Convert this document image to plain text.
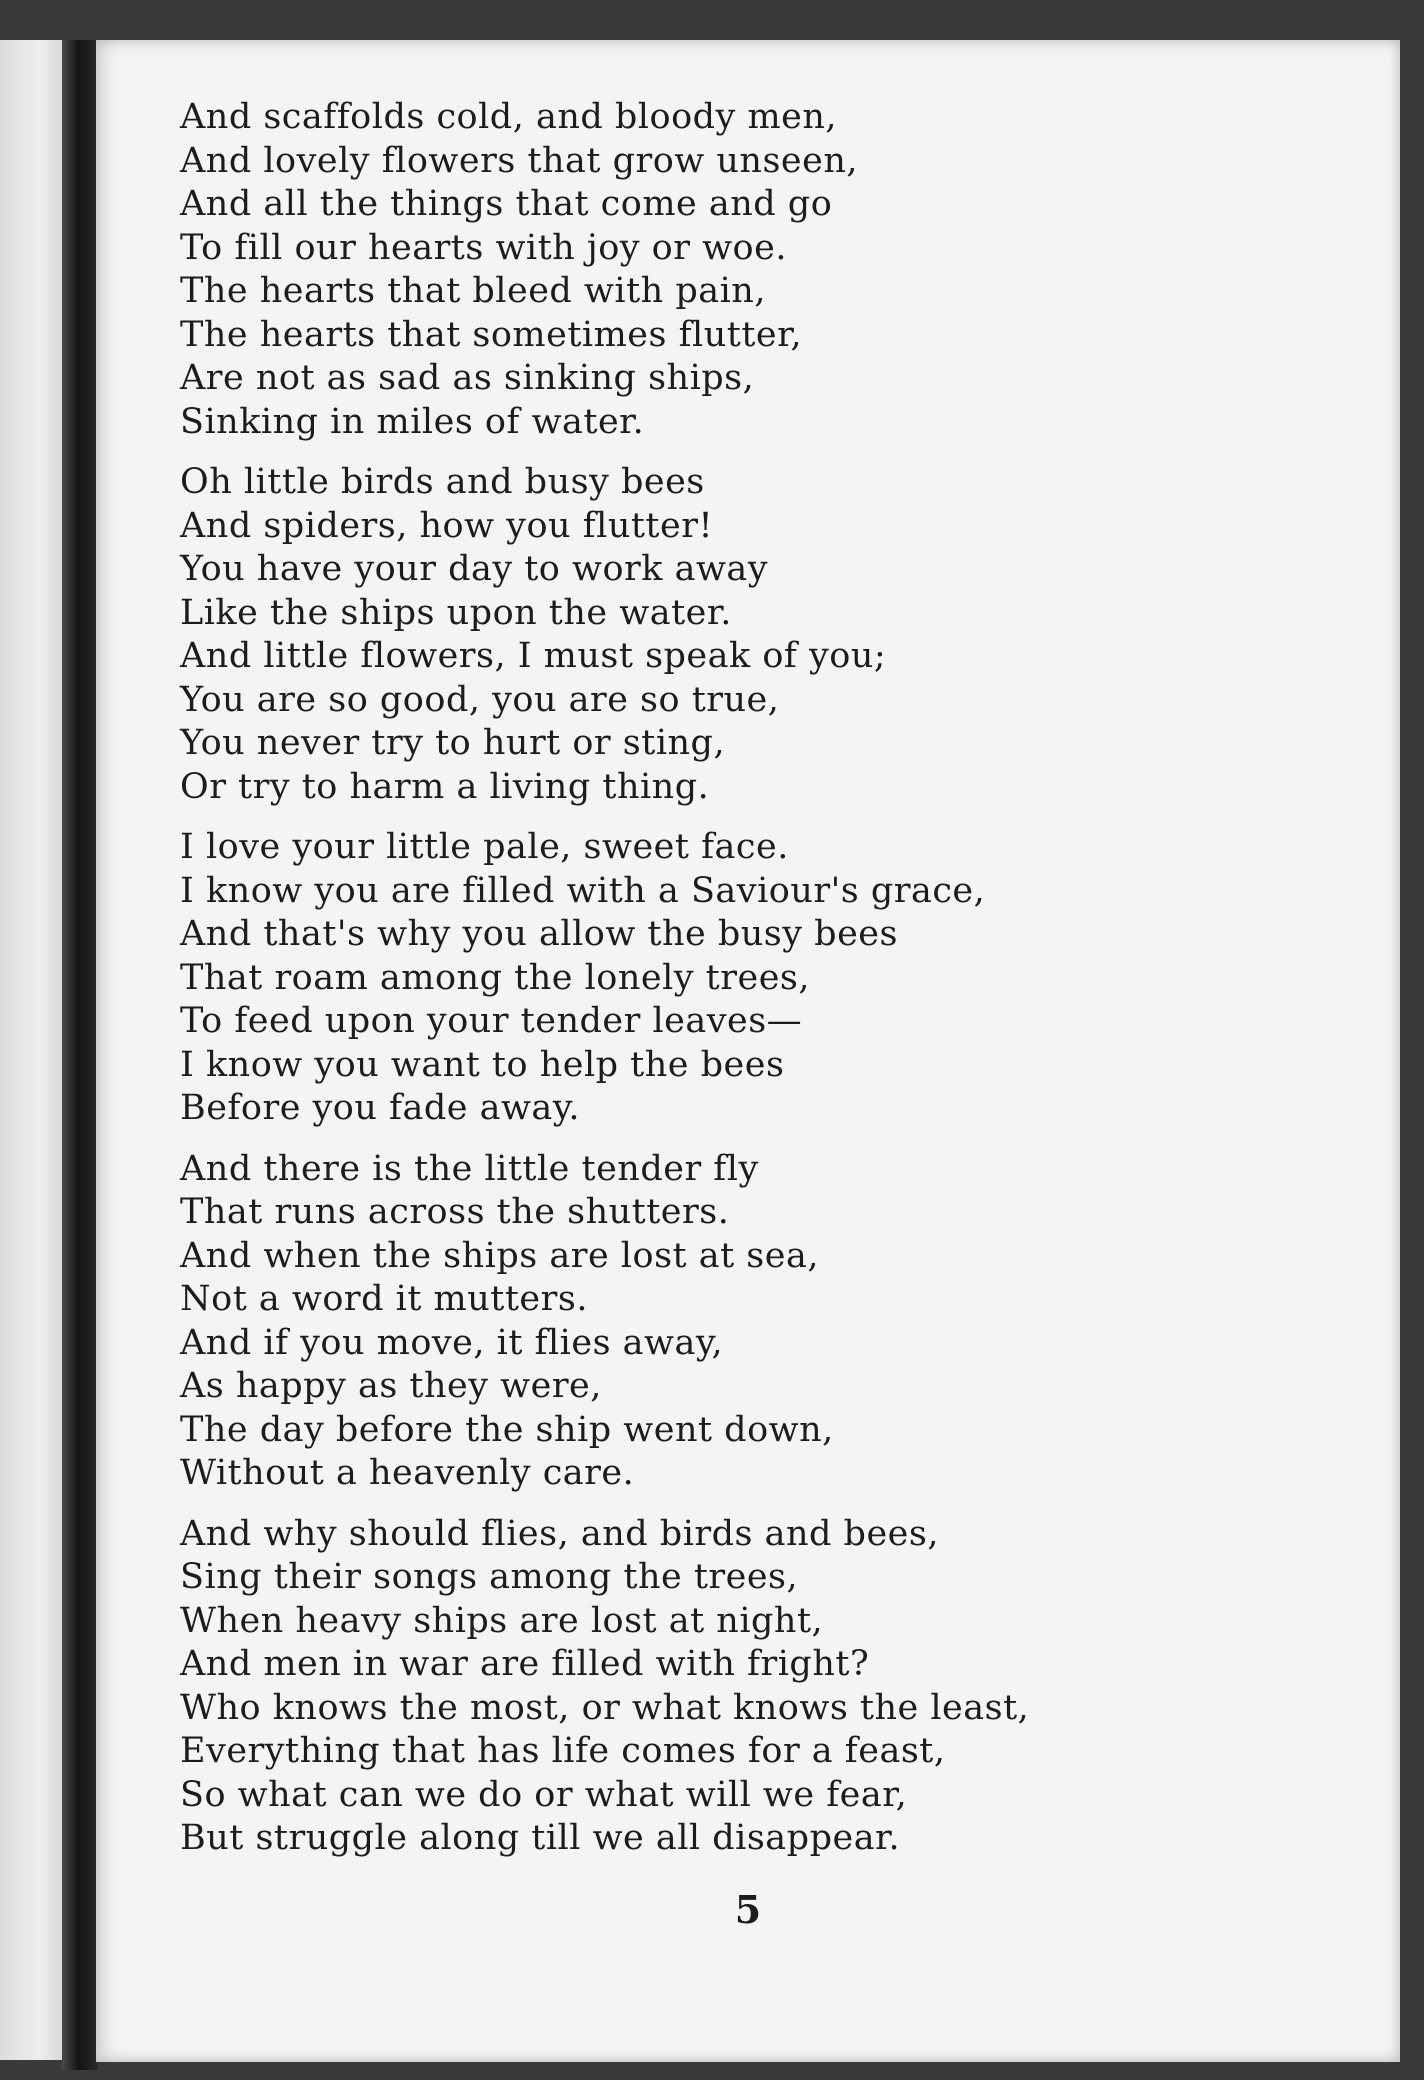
And scaffolds cold, and bloody men,
And lovely flowers that grow unseen,
And all the things that come and go
To fill our hearts with joy or woe.
The hearts that bleed with pain,
The hearts that sometimes flutter,
Are not as sad as sinking ships,
Sinking in miles of water.
Oh little birds and busy bees
And spiders, how you flutter!
You have your day to work away
Like the ships upon the water.
And little flowers, I must speak of you;
You are so good, you are so true,
You never try to hurt or sting,
Or try to harm a living thing.
I love your little pale, sweet face.
I know you are filled with a Saviour's grace,
And that's why you allow the busy bees
That roam among the lonely trees,
To feed upon your tender leaves—
I know you want to help the bees
Before you fade away.
And there is the little tender fly
That runs across the shutters.
And when the ships are lost at sea,
Not a word it mutters.
And if you move, it flies away,
As happy as they were,
The day before the ship went down,
Without a heavenly care.
And why should flies, and birds and bees,
Sing their songs among the trees,
When heavy ships are lost at night,
And men in war are filled with fright?
Who knows the most, or what knows the least,
Everything that has life comes for a feast,
So what can we do or what will we fear,
But struggle along till we all disappear.
5
